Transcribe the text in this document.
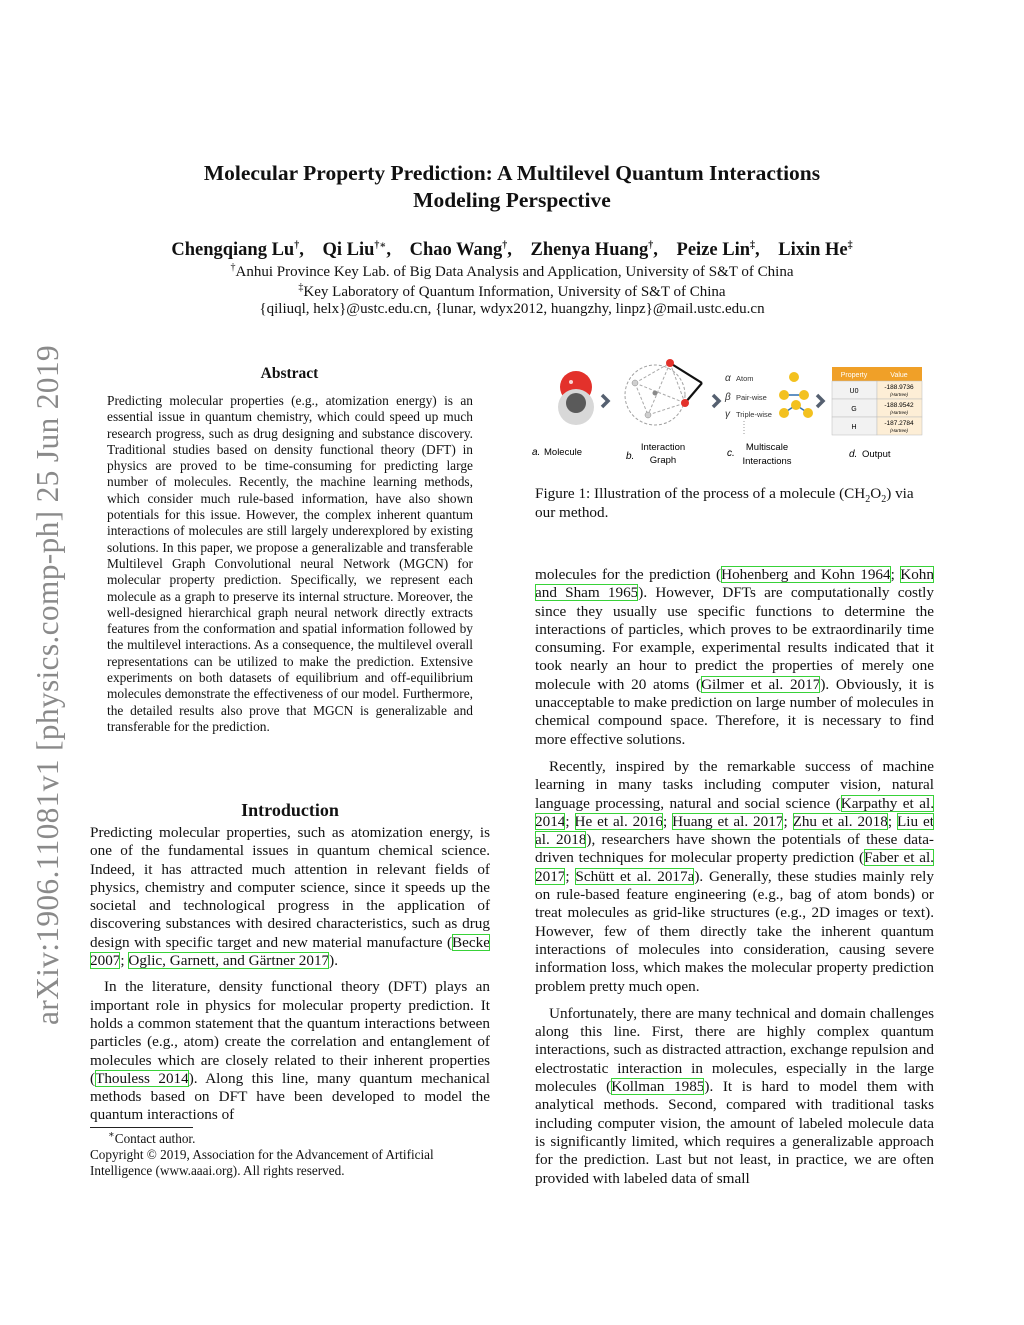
arXiv:1906.11081v1 [physics.comp-ph] 25 Jun 2019
Molecular Property Prediction: A Multilevel Quantum Interactions
Modeling Perspective
Chengqiang Lu†, Qi Liu†∗, Chao Wang†, Zhenya Huang†, Peize Lin‡, Lixin He‡
†Anhui Province Key Lab. of Big Data Analysis and Application, University of S&T of China
‡Key Laboratory of Quantum Information, University of S&T of China
{qiliuql, helx}@ustc.edu.cn, {lunar, wdyx2012, huangzhy, linpz}@mail.ustc.edu.cn
Abstract
Predicting molecular properties (e.g., atomization energy) is an essential issue in quantum chemistry, which could speed up much research progress, such as drug designing and substance discovery. Traditional studies based on density functional theory (DFT) in physics are proved to be time-consuming for predicting large number of molecules. Recently, the machine learning methods, which consider much rule-based information, have also shown potentials for this issue. However, the complex inherent quantum interactions of molecules are still largely underexplored by existing solutions. In this paper, we propose a generalizable and transferable Multilevel Graph Convolutional neural Network (MGCN) for molecular property prediction. Specifically, we represent each molecule as a graph to preserve its internal structure. Moreover, the well-designed hierarchical graph neural network directly extracts features from the conformation and spatial information followed by the multilevel interactions. As a consequence, the multilevel overall representations can be utilized to make the prediction. Extensive experiments on both datasets of equilibrium and off-equilibrium molecules demonstrate the effectiveness of our model. Furthermore, the detailed results also prove that MGCN is generalizable and transferable for the prediction.
Introduction

Predicting molecular properties, such as atomization energy, is one of the fundamental issues in quantum chemical science. Indeed, it has attracted much attention in relevant fields of physics, chemistry and computer science, since it speeds up the societal and technological progress in the application of discovering substances with desired characteristics, such as drug design with specific target and new material manufacture (Becke 2007; Oglic, Garnett, and Gärtner 2017).

In the literature, density functional theory (DFT) plays an important role in physics for molecular property prediction. It holds a common statement that the quantum interactions between particles (e.g., atom) create the correlation and entanglement of molecules which are closely related to their inherent properties (Thouless 2014). Along this line, many quantum mechanical methods based on DFT have been developed to model the quantum interactions of

∗Contact author.
Copyright © 2019, Association for the Advancement of Artificial Intelligence (www.aaai.org). All rights reserved.
α Atom
β Pair-wise
γ Triple-wise
Property	Value
U0
-188.9736
(Hartree)
G
-188.9542
(Hartree)
H
-187.2784
(Hartree)
a. Molecule	b.
Interaction
Graph
c.
Multiscale
Interactions
d. Output
Figure 1: Illustration of the process of a molecule $(CH_2O_2)$ via our method.

molecules for the prediction (Hohenberg and Kohn 1964; Kohn and Sham 1965). However, DFTs are computationally costly since they usually use specific functions to determine the interactions of particles, which proves to be extraordinarily time consuming. For example, experimental results indicated that it took nearly an hour to predict the properties of merely one molecule with 20 atoms (Gilmer et al. 2017). Obviously, it is unacceptable to make prediction on large number of molecules in chemical compound space. Therefore, it is necessary to find more effective solutions.

Recently, inspired by the remarkable success of machine learning in many tasks including computer vision, natural language processing, natural and social science (Karpathy et al. 2014; He et al. 2016; Huang et al. 2017; Zhu et al. 2018; Liu et al. 2018), researchers have shown the potentials of these data-driven techniques for molecular property prediction (Faber et al. 2017; Schütt et al. 2017a). Generally, these studies mainly rely on rule-based feature engineering (e.g., bag of atom bonds) or treat molecules as grid-like structures (e.g., 2D images or text). However, few of them directly take the inherent quantum interactions of molecules into consideration, causing severe information loss, which makes the molecular property prediction problem pretty much open.

Unfortunately, there are many technical and domain challenges along this line. First, there are highly complex quantum interactions, such as distracted attraction, exchange repulsion and electrostatic interaction in molecules, especially in the large molecules (Kollman 1985). It is hard to model them with analytical methods. Second, compared with traditional tasks including computer vision, the amount of labeled molecule data is significantly limited, which requires a generalizable approach for the prediction. Last but not least, in practice, we are often provided with labeled data of small
